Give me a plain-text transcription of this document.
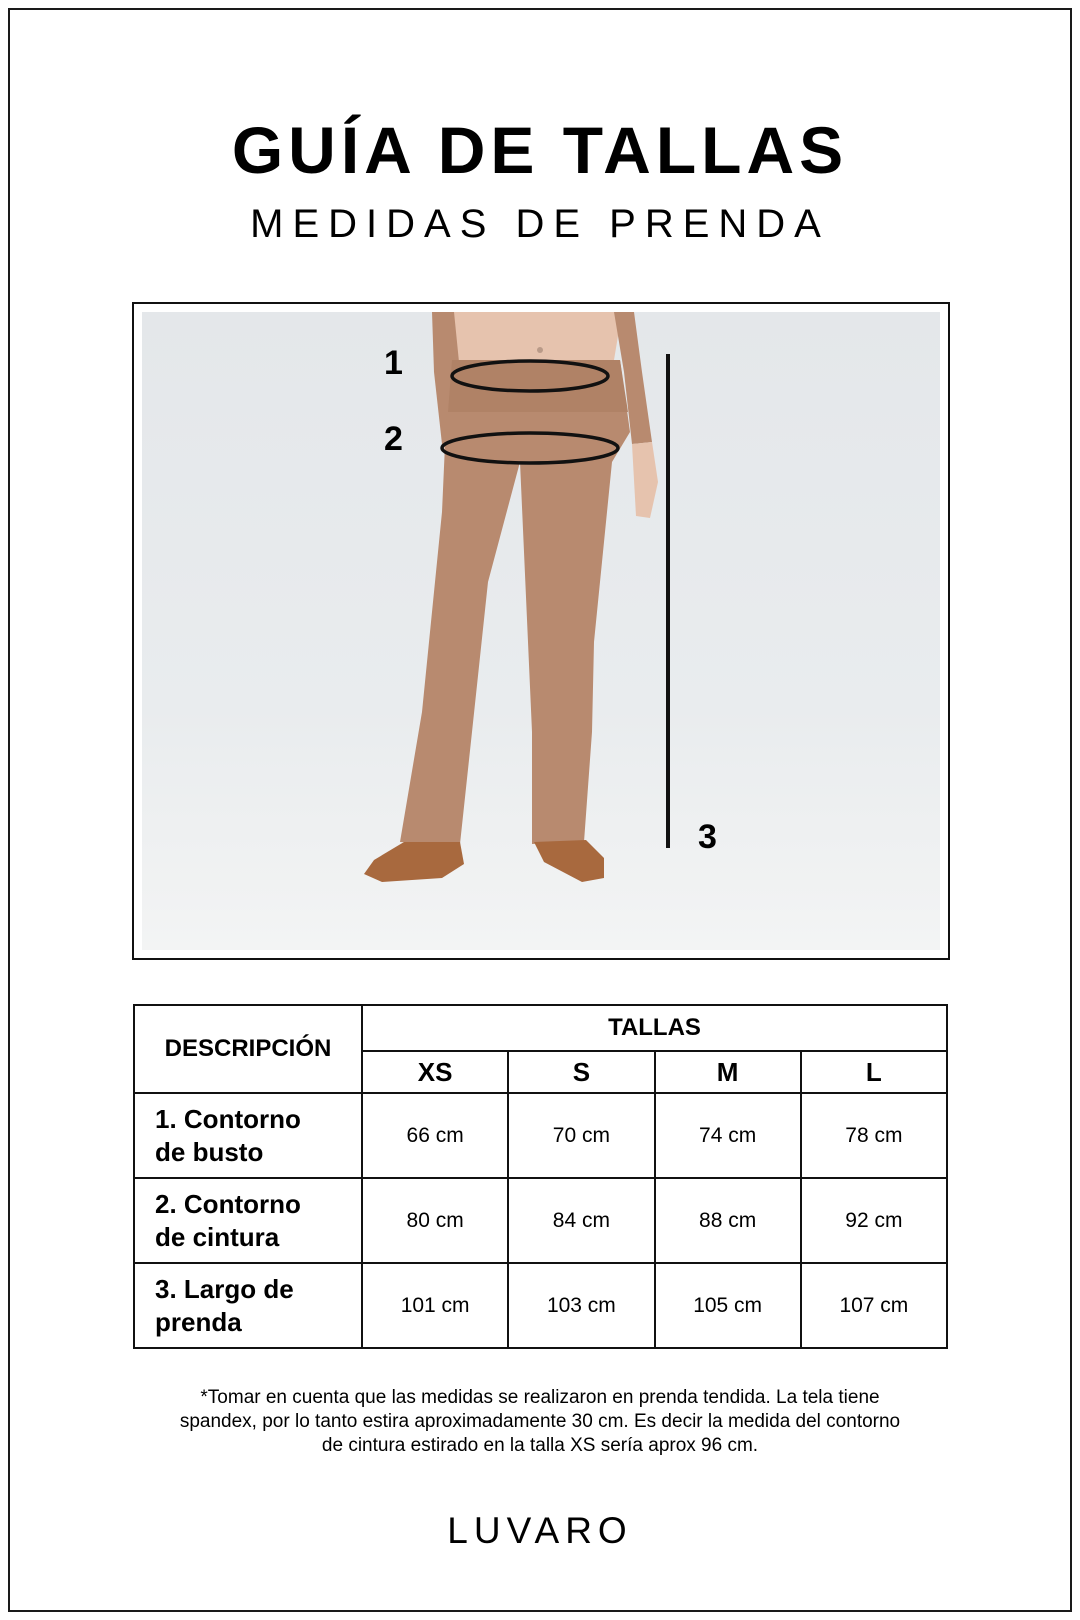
GUÍA DE TALLAS
MEDIDAS DE PRENDA
1
2
3
DESCRIPCIÓN	TALLAS			
	XS	S	M	L
1. Contorno
de busto	66 cm	70 cm	74 cm	78 cm
2. Contorno
de cintura	80 cm	84 cm	88 cm	92 cm
3. Largo de
prenda	101 cm	103 cm	105 cm	107 cm
*Tomar en cuenta que las medidas se realizaron en prenda tendida. La tela tiene
spandex, por lo tanto estira aproximadamente 30 cm. Es decir la medida del contorno
de cintura estirado en la talla XS sería aprox 96 cm.
LUVARO
